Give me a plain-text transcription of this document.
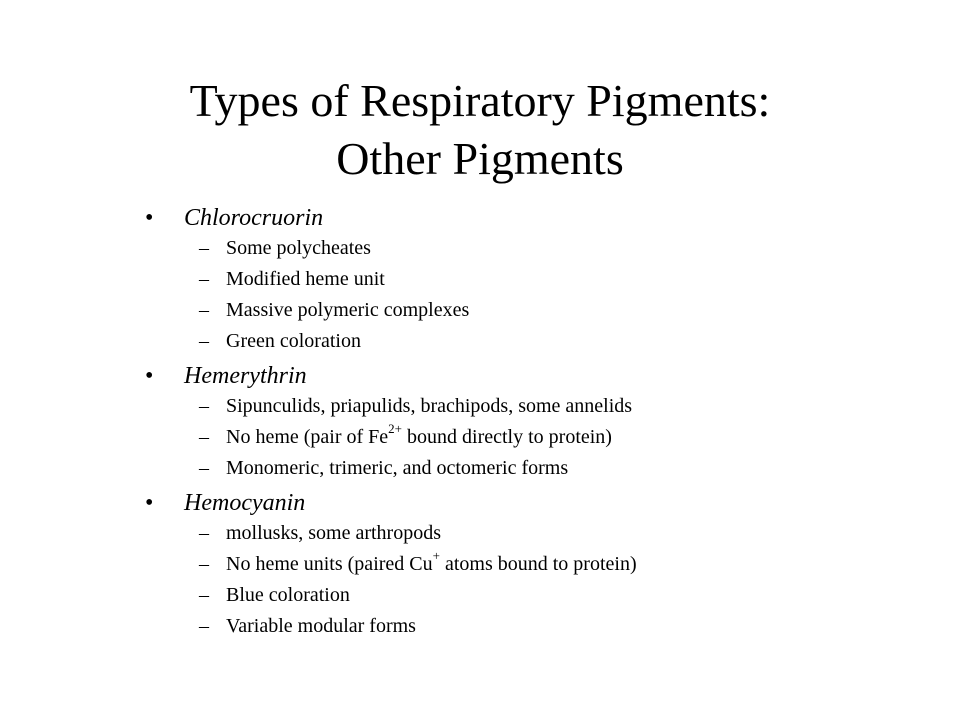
Types of Respiratory Pigments:
Other Pigments
• Chlorocruorin
– Some polycheates
– Modified heme unit
– Massive polymeric complexes
– Green coloration
• Hemerythrin
– Sipunculids, priapulids, brachipods, some annelids
– No heme (pair of $Fe^{2+}$ bound directly to protein)
– Monomeric, trimeric, and octomeric forms
• Hemocyanin
– mollusks, some arthropods
– No heme units (paired Cu+ atoms bound to protein)
– Blue coloration
– Variable modular forms
